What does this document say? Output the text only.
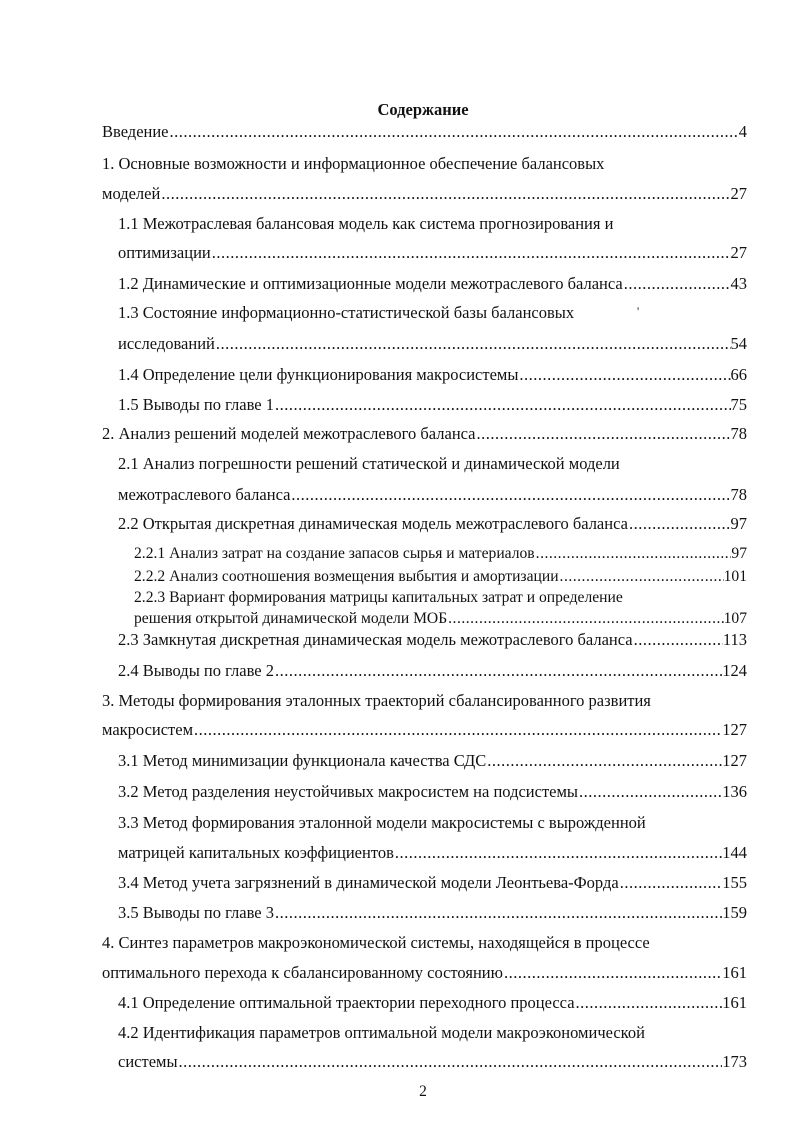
Содержание
Введение .....	4
1. Основные возможности и информационное обеспечение балансовых
моделей .....	27
1.1 Межотраслевая балансовая модель как система прогнозирования и
оптимизации .....	27
1.2 Динамические и оптимизационные модели межотраслевого баланса .....	43
1.3 Состояние информационно-статистической базы балансовых	'
исследований .....	54
1.4 Определение цели функционирования макросистемы .....	66
1.5 Выводы по главе 1 .....	75
2. Анализ решений моделей межотраслевого баланса .....	78
2.1 Анализ погрешности решений статической и динамической модели
межотраслевого баланса .....	78
2.2 Открытая дискретная динамическая модель межотраслевого баланса .....	97
2.2.1 Анализ затрат на создание запасов сырья и материалов .....	97
2.2.2 Анализ соотношения возмещения выбытия и амортизации .....	101
2.2.3 Вариант формирования матрицы капитальных затрат и определение
решения открытой динамической модели МОБ .....	107
2.3 Замкнутая дискретная динамическая модель межотраслевого баланса .....	113
2.4 Выводы по главе 2 .....	124
3. Методы формирования эталонных траекторий сбалансированного развития
макросистем .....	127
3.1 Метод минимизации функционала качества СДС .....	127
3.2 Метод разделения неустойчивых макросистем на подсистемы .....	136
3.3 Метод формирования эталонной модели макросистемы с вырожденной
матрицей капитальных коэффициентов .....	144
3.4 Метод учета загрязнений в динамической модели Леонтьева-Форда .....	155
3.5 Выводы по главе 3 .....	159
4. Синтез параметров макроэкономической системы, находящейся в процессе
оптимального перехода к сбалансированному состоянию .....	161
4.1 Определение оптимальной траектории переходного процесса .....	161
4.2 Идентификация параметров оптимальной модели макроэкономической
системы .....	173
2
